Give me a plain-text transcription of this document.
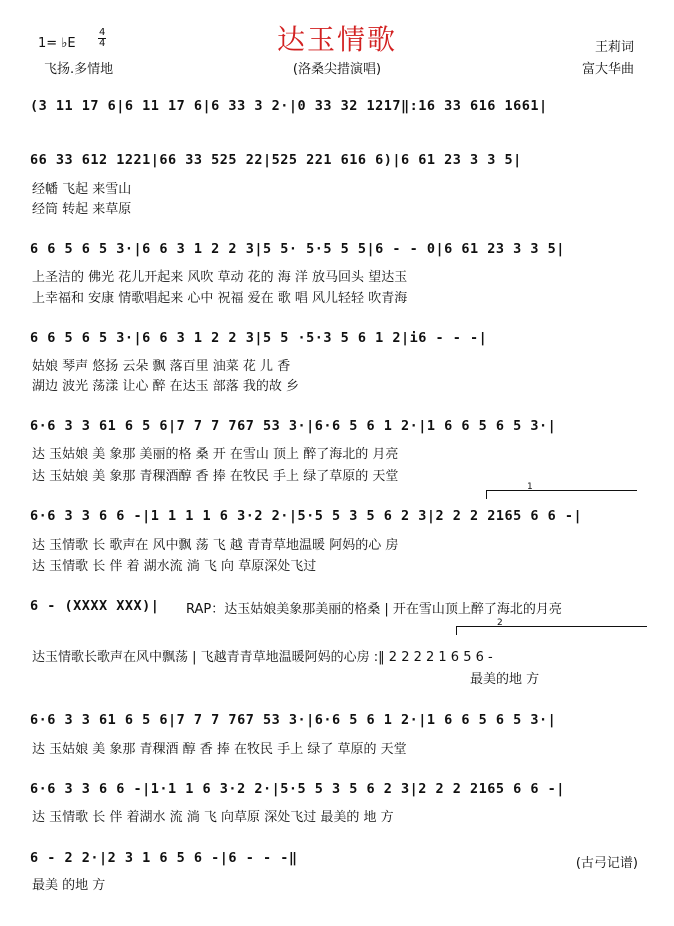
达玉情歌
(洛桑尖措演唱)
1= ♭E
4
4
飞扬.多情地
王莉词
富大华曲
(3 11 17 6|6 11 17 6|6 33 3 2·|0 33 32 1217‖:16 33 616 1661|
66 33 612 1221|66 33 525 22|525 221 616 6)|6 61 23 3 3 5|
经幡 飞起 来雪山
经筒 转起 来草原
6 6 5 6 5 3·|6 6 3 1 2 2 3|5 5· 5·5 5 5|6 - - 0|6 61 23 3 3 5|
上圣洁的 佛光 花儿开起来 风吹 草动 花的 海 洋 放马回头 望达玉
上幸福和 安康 情歌唱起来 心中 祝福 爱在 歌 唱 风儿轻轻 吹青海
6 6 5 6 5 3·|6 6 3 1 2 2 3|5 5 ·5·3 5 6 1 2|i6 - - -|
姑娘 琴声 悠扬 云朵 飘 落百里 油菜 花 儿 香
湖边 波光 荡漾 让心 醉 在达玉 部落 我的故 乡
6·6 3 3 61 6 5 6|7 7 7 767 53 3·|6·6 5 6 1 2·|1 6 6 5 6 5 3·|
达 玉姑娘 美 象那 美丽的格 桑 开 在雪山 顶上 醉了海北的 月亮
达 玉姑娘 美 象那 青稞酒醇 香 捧 在牧民 手上 绿了草原的 天堂
1
6·6 3 3 6 6 -|1 1 1 1 6 3·2 2·|5·5 5 3 5 6 2 3|2 2 2 2165 6 6 -|
达 玉情歌 长 歌声在 风中飘 荡 飞 越 青青草地温暖 阿妈的心 房
达 玉情歌 长 伴 着 湖水流 淌 飞 向 草原深处飞过
6 - (XXXX XXX)| RAP：达玉姑娘美象那美丽的格桑 | 开在雪山顶上醉了海北的月亮
2
达玉情歌长歌声在风中飘荡 | 飞越青青草地温暖阿妈的心房 :‖ 2 2 2 2 1 6 5 6 -
最美的地 方
6·6 3 3 61 6 5 6|7 7 7 767 53 3·|6·6 5 6 1 2·|1 6 6 5 6 5 3·|
达 玉姑娘 美 象那 青稞酒 醇 香 捧 在牧民 手上 绿了 草原的 天堂
6·6 3 3 6 6 -|1·1 1 6 3·2 2·|5·5 5 3 5 6 2 3|2 2 2 2165 6 6 -|
达 玉情歌 长 伴 着湖水 流 淌 飞 向草原 深处飞过 最美的 地 方
6 - 2 2·|2 3 1 6 5 6 -|6 - - -‖
最美 的地 方
(古弓记谱)
